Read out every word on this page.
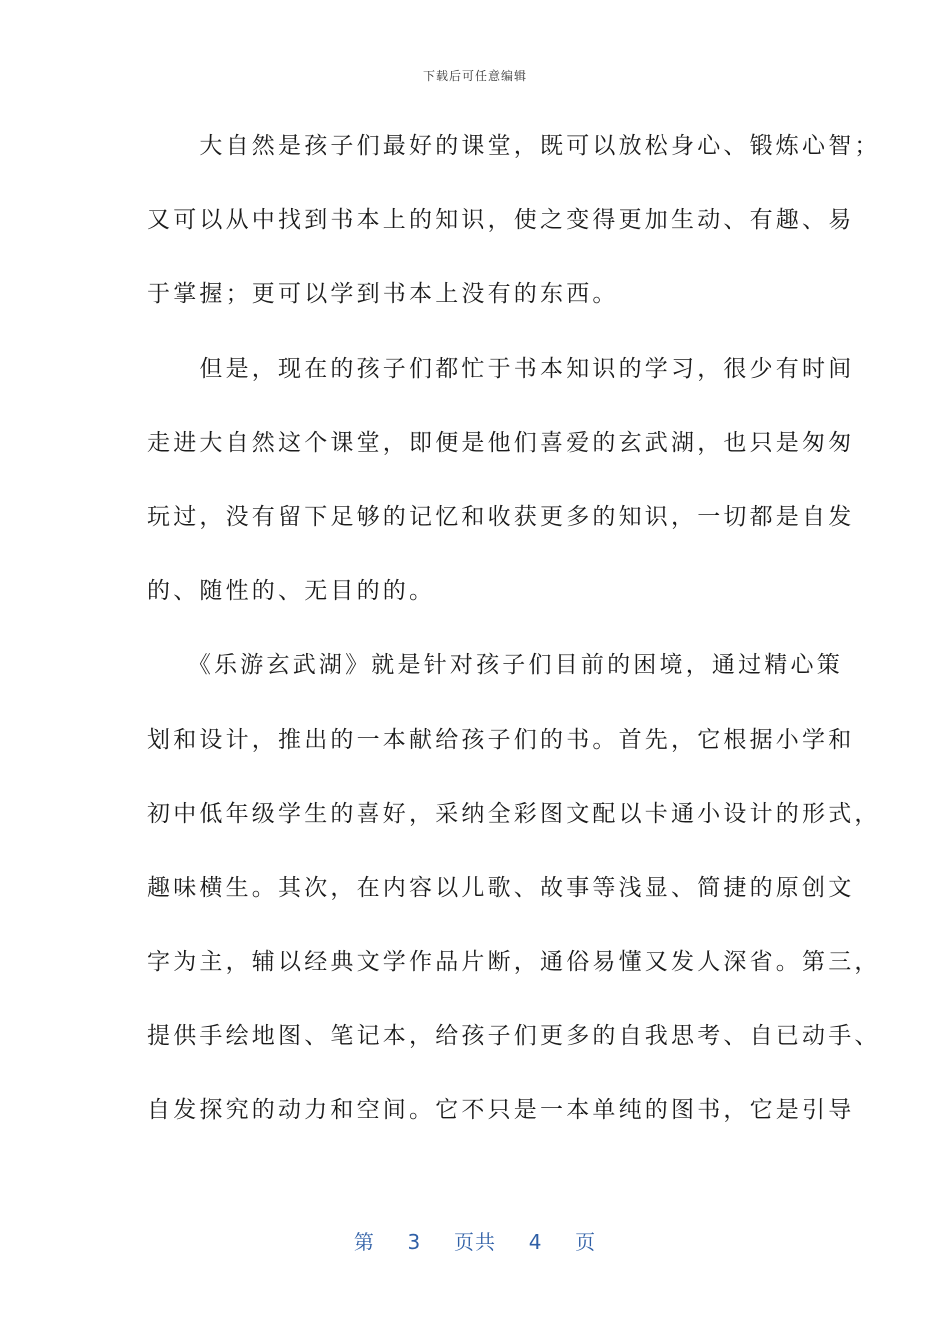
下载后可任意编辑
　　大自然是孩子们最好的课堂，既可以放松身心、锻炼心智；
又可以从中找到书本上的知识，使之变得更加生动、有趣、易
于掌握；更可以学到书本上没有的东西。
　　但是，现在的孩子们都忙于书本知识的学习，很少有时间
走进大自然这个课堂，即便是他们喜爱的玄武湖，也只是匆匆
玩过，没有留下足够的记忆和收获更多的知识，一切都是自发
的、随性的、无目的的。
　　《乐游玄武湖》就是针对孩子们目前的困境，通过精心策
划和设计，推出的一本献给孩子们的书。首先，它根据小学和
初中低年级学生的喜好，采纳全彩图文配以卡通小设计的形式，
趣味横生。其次，在内容以儿歌、故事等浅显、简捷的原创文
字为主，辅以经典文学作品片断，通俗易懂又发人深省。第三，
提供手绘地图、笔记本，给孩子们更多的自我思考、自已动手、
自发探究的动力和空间。它不只是一本单纯的图书，它是引导
第 3 页共 4 页
